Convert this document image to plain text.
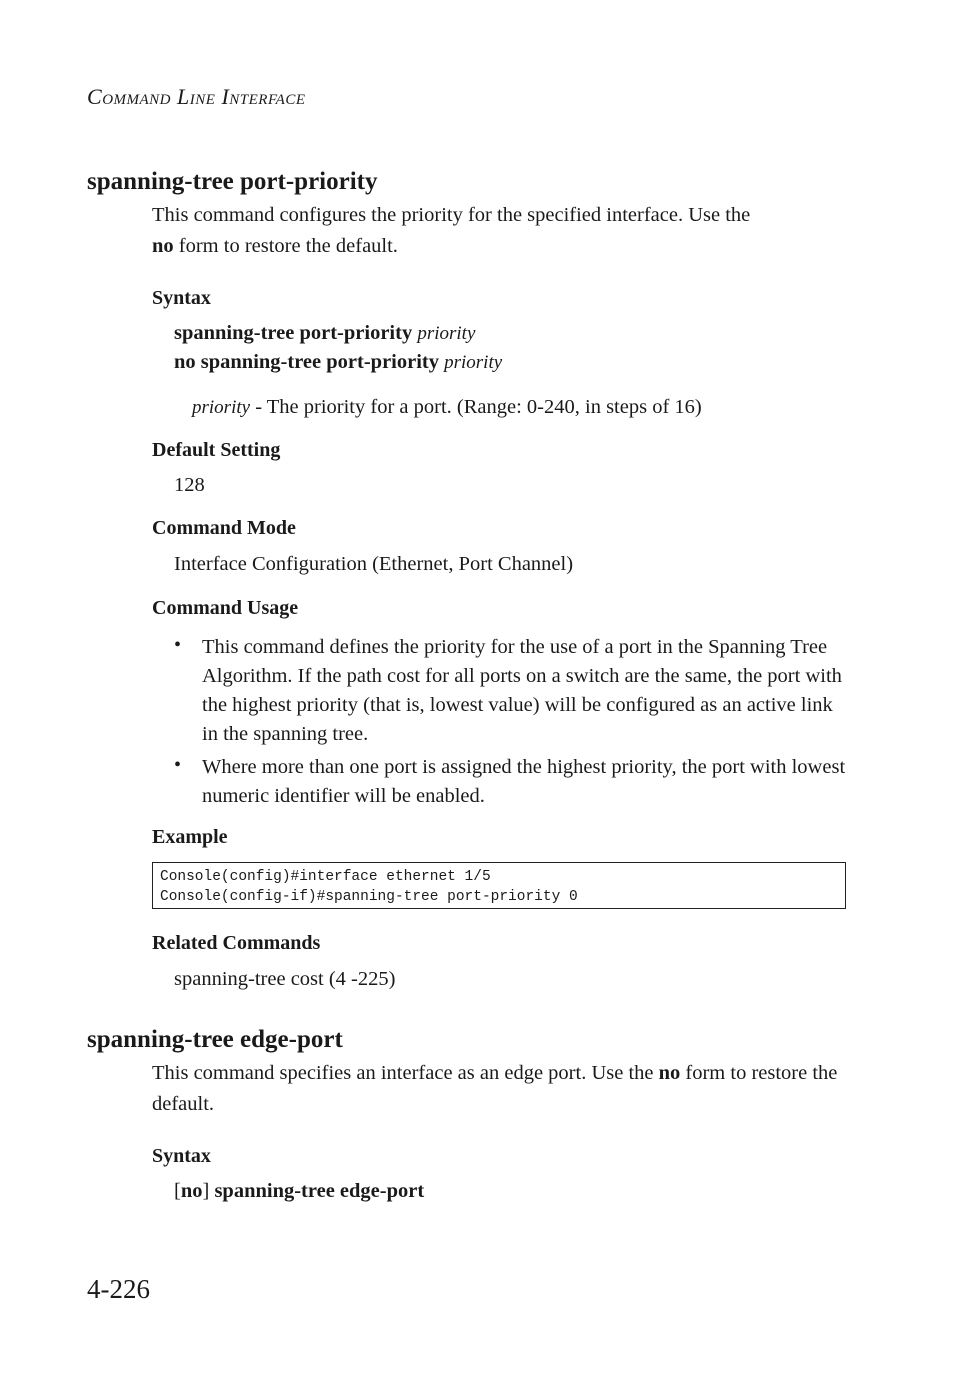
COMMAND LINE INTERFACE
spanning-tree port-priority
This command configures the priority for the specified interface. Use the
no form to restore the default.
Syntax
spanning-tree port-priority priority
no spanning-tree port-priority priority
priority - The priority for a port. (Range: 0-240, in steps of 16)
Default Setting
128
Command Mode
Interface Configuration (Ethernet, Port Channel)
Command Usage
• This command defines the priority for the use of a port in the Spanning Tree Algorithm. If the path cost for all ports on a switch are the same, the port with the highest priority (that is, lowest value) will be configured as an active link in the spanning tree.
• Where more than one port is assigned the highest priority, the port with lowest numeric identifier will be enabled.
Example
Console(config)#interface ethernet 1/5
Console(config-if)#spanning-tree port-priority 0
Related Commands
spanning-tree cost (4 -225)
spanning-tree edge-port
This command specifies an interface as an edge port. Use the no form to restore the default.
Syntax
[no] spanning-tree edge-port
4-226
